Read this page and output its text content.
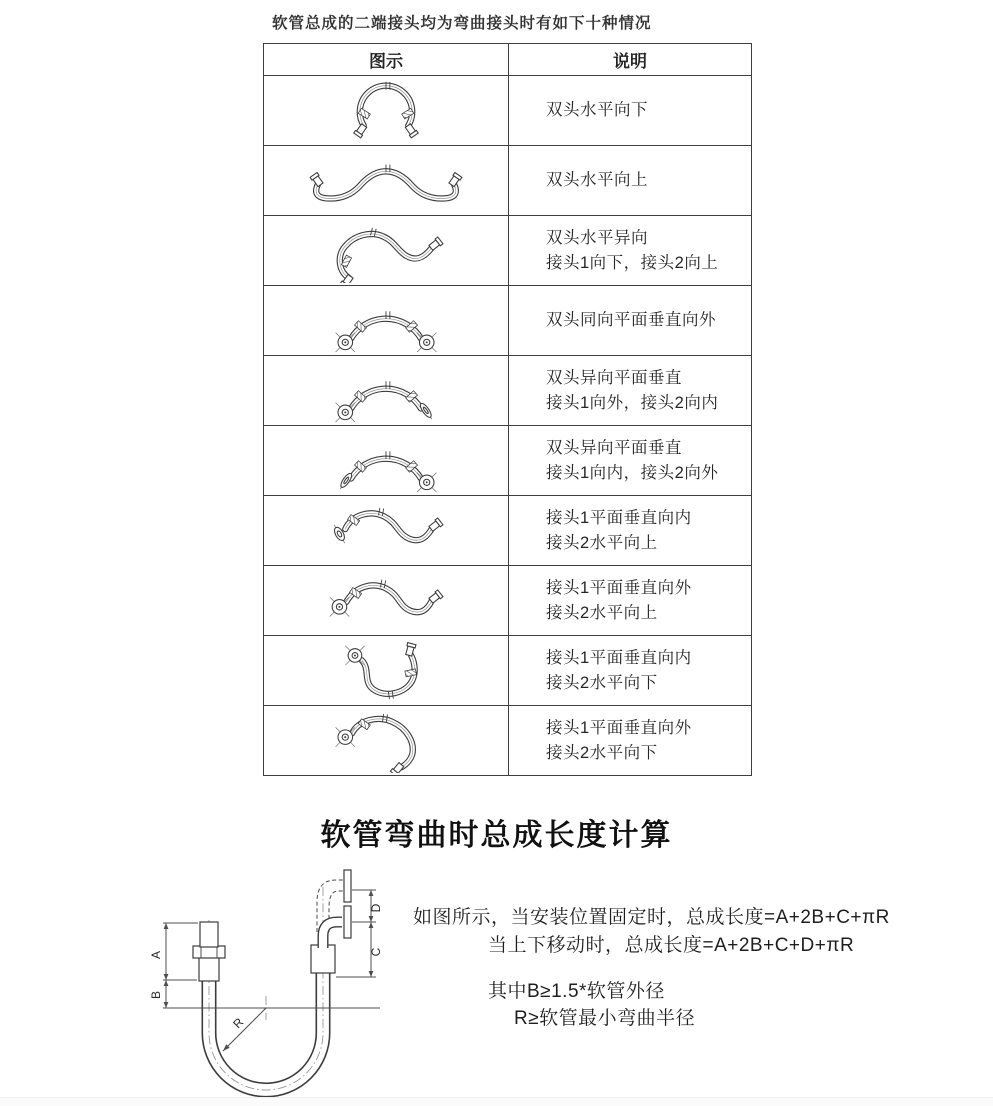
软管总成的二端接头均为弯曲接头时有如下十种情况
图示	说明
双头水平向下
双头水平向上
双头水平异向
接头1向下，接头2向上
双头同向平面垂直向外
双头异向平面垂直
接头1向外，接头2向内
双头异向平面垂直
接头1向内，接头2向外
接头1平面垂直向内
接头2水平向上
接头1平面垂直向外
接头2水平向上
接头1平面垂直向内
接头2水平向下
接头1平面垂直向外
接头2水平向下
软管弯曲时总成长度计算
A
B
D
C
R
如图所示，当安装位置固定时，总成长度=A+2B+C+πR
当上下移动时，总成长度=A+2B+C+D+πR
其中B≥1.5*软管外径
R≥软管最小弯曲半径
